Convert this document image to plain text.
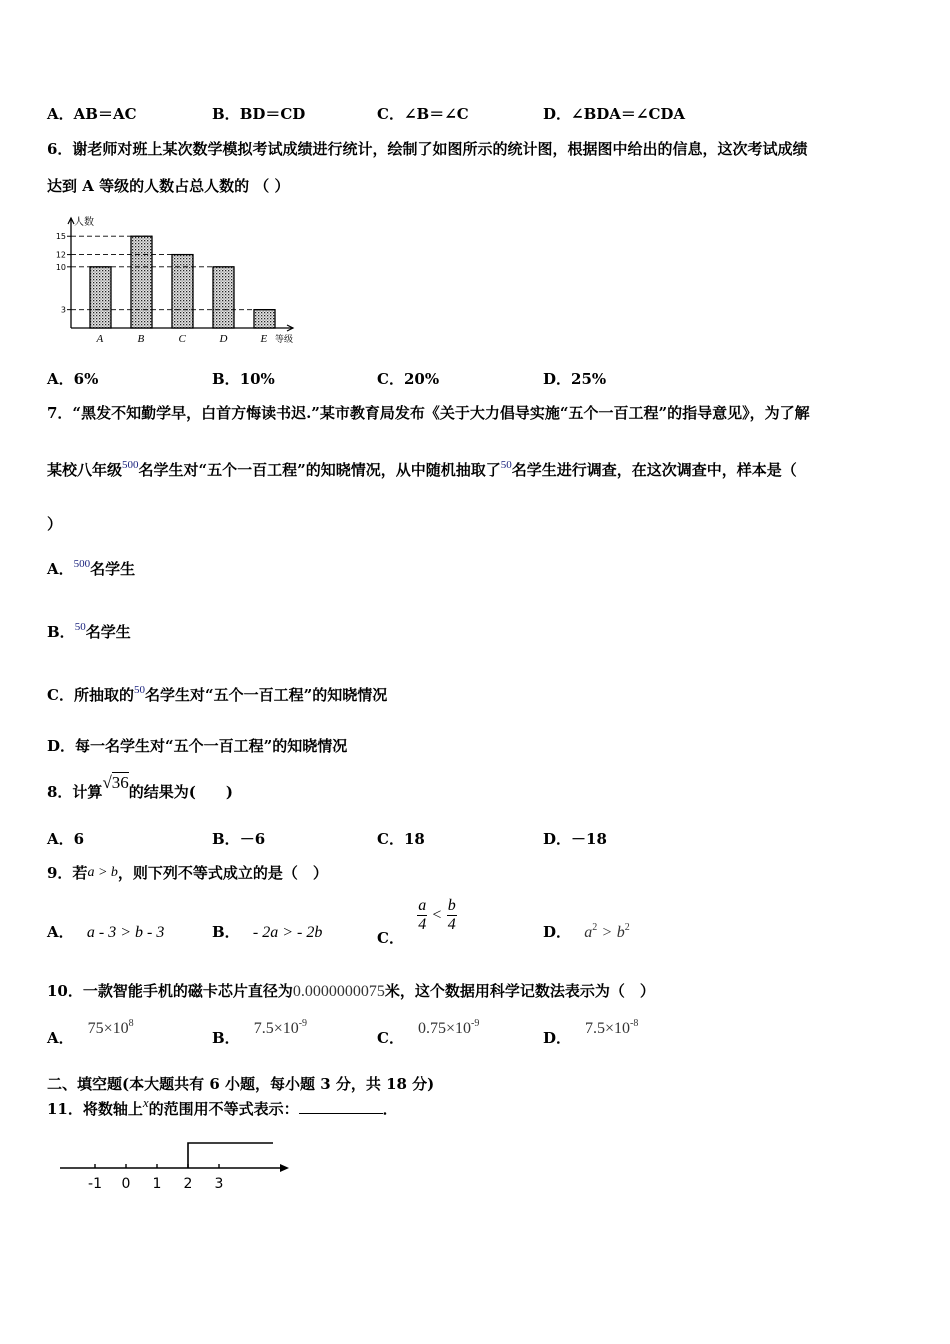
A．AB＝AC	B．BD＝CD	C．∠B＝∠C	D．∠BDA＝∠CDA
6．谢老师对班上某次数学模拟考试成绩进行统计，绘制了如图所示的统计图，根据图中给出的信息，这次考试成绩
达到 A 等级的人数占总人数的 （ ）
人数
等级
A	B	C	D	E
3
10
12
15
A．6%	B．10%	C．20%	D．25%
7．“黑发不知勤学早，白首方悔读书迟.”某市教育局发布《关于大力倡导实施“五个一百工程”的指导意见》，为了解
某校八年级$^{500}$名学生对“五个一百工程”的知晓情况，从中随机抽取了$^{50}$名学生进行调查，在这次调查中，样本是（
）
A．$^{500}$名学生
B．$^{50}$名学生
C．所抽取的$^{50}$名学生对“五个一百工程”的知晓情况
D．每一名学生对“五个一百工程”的知晓情况
8．计算√36的结果为(　　)
A．6	B．－6	C．18	D．－18
9．若a > b，则下列不等式成立的是（　）
A． a - 3 > b - 3	B． - 2a > - 2b	C．
$\frac{a}{4} < \frac{b}{4}$	D． $a^2 > b^2$
10．一款智能手机的磁卡芯片直径为0.0000000075米，这个数据用科学记数法表示为（　）
A．$75\times 10^8$
B．$7.5\times 10^{-9}$
C．$0.75\times 10^{-9}$
D．$7.5\times 10^{-8}$
二、填空题(本大题共有 6 小题，每小题 3 分，共 18 分)
11．将数轴上x的范围用不等式表示：	．
-1 0 1 2 3
